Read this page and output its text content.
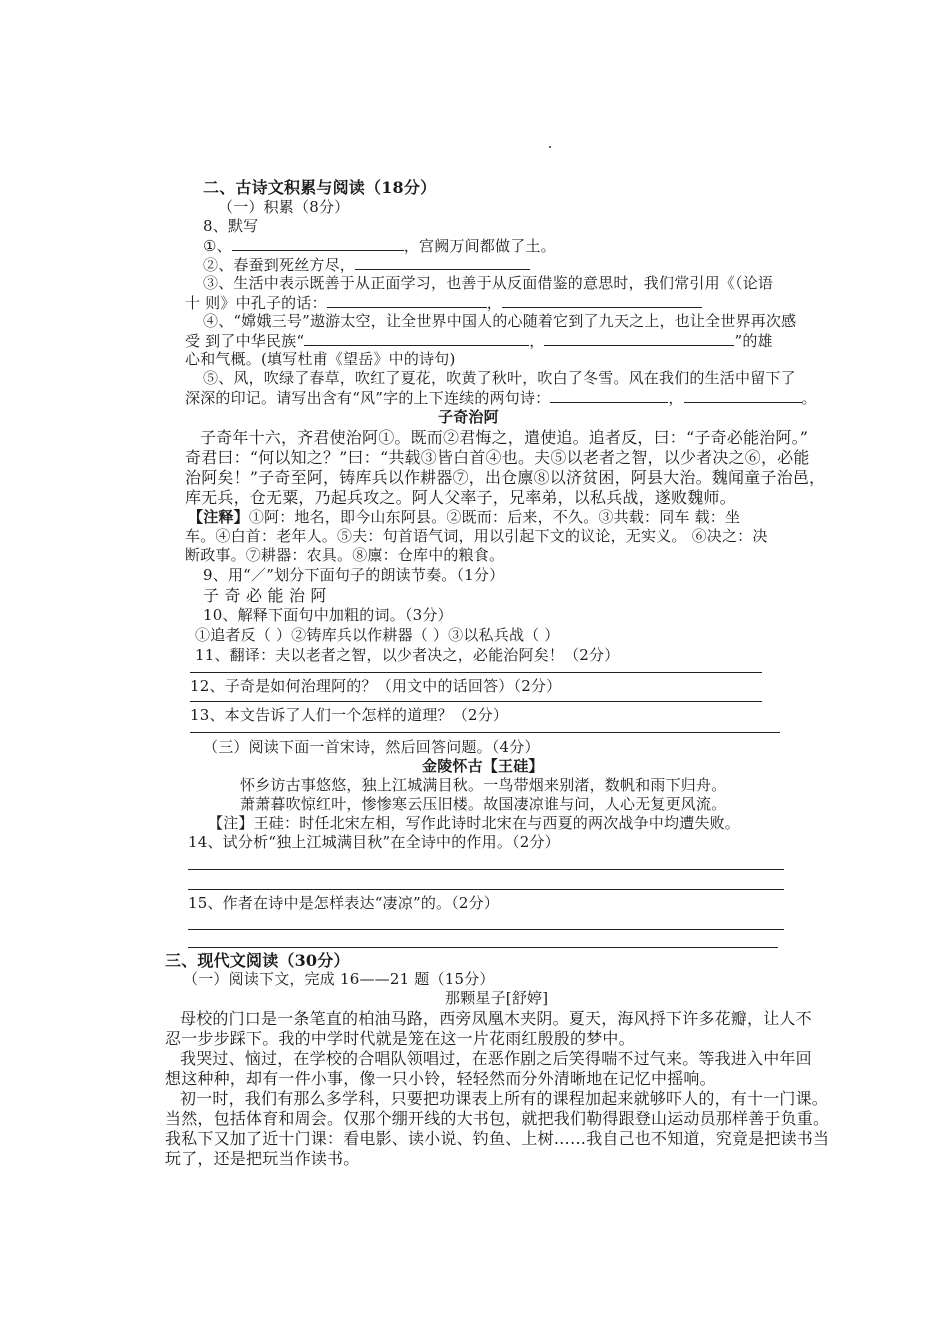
二、古诗文积累与阅读（18分）
（一）积累（8分）
8、默写
①、	，宫阙万间都做了土。
②、春蚕到死丝方尽，
③、生活中表示既善于从正面学习，也善于从反面借鉴的意思时，我们常引用《（论语
十 则》中孔子的话：	，
④、“嫦娥三号”遨游太空，让全世界中国人的心随着它到了九天之上，也让全世界再次感
受 到了中华民族“	，	”的雄
心和气概。(填写杜甫《望岳》中的诗句)
⑤、风，吹绿了春草，吹红了夏花，吹黄了秋叶，吹白了冬雪。风在我们的生活中留下了
深深的印记。请写出含有“风”字的上下连续的两句诗：	，	。
子奇治阿
子奇年十六，齐君使治阿①。既而②君悔之，遣使追。追者反，曰：“子奇必能治阿。”
奇君曰：“何以知之？”曰：“共载③皆白首④也。夫⑤以老者之智，以少者决之⑥，必能
治阿矣！”子奇至阿，铸库兵以作耕器⑦，出仓廪⑧以济贫困，阿县大治。魏闻童子治邑，
库无兵，仓无粟，乃起兵攻之。阿人父率子，兄率弟，以私兵战，遂败魏师。
【注释】①阿：地名，即今山东阿县。②既而：后来，不久。③共载：同车 载：坐
车。④白首：老年人。⑤夫：句首语气词，用以引起下文的议论，无实义。 ⑥决之：决
断政事。⑦耕器：农具。⑧廪：仓库中的粮食。
9、用“／”划分下面句子的朗读节奏。（1分）
子 奇 必 能 治 阿
10、解释下面句中加粗的词。（3分）
①追者反（ ）②铸库兵以作耕器（ ）③以私兵战（ ）
11、翻译：夫以老者之智，以少者决之，必能治阿矣！（2分）
12、子奇是如何治理阿的？（用文中的话回答）（2分）
13、本文告诉了人们一个怎样的道理？（2分）
（三）阅读下面一首宋诗，然后回答问题。（4分）
金陵怀古【王硅】
怀乡访古事悠悠，独上江城满目秋。一鸟带烟来别渚，数帆和雨下归舟。
萧萧暮吹惊红叶，惨惨寒云压旧楼。故国凄凉谁与问，人心无复更风流。
【注】王硅：时任北宋左相，写作此诗时北宋在与西夏的两次战争中均遭失败。
14、试分析“独上江城满目秋”在全诗中的作用。（2分）
15、作者在诗中是怎样表达“凄凉”的。（2分）
三、现代文阅读（30分）
（一）阅读下文，完成 16——21 题（15分）
那颗星子[舒婷]
母校的门口是一条笔直的柏油马路，西旁凤凰木夹阴。夏天，海风捋下许多花瓣，让人不
忍一步步踩下。我的中学时代就是笼在这一片花雨红殷殷的梦中。
我哭过、恼过，在学校的合唱队领唱过，在恶作剧之后笑得喘不过气来。等我进入中年回
想这种种，却有一件小事，像一只小铃，轻轻然而分外清晰地在记忆中摇响。
初一时，我们有那么多学科，只要把功课表上所有的课程加起来就够吓人的，有十一门课。
当然，包括体育和周会。仅那个绷开线的大书包，就把我们勒得跟登山运动员那样善于负重。
我私下又加了近十门课：看电影、读小说、钓鱼、上树……我自己也不知道，究竟是把读书当
玩了，还是把玩当作读书。
